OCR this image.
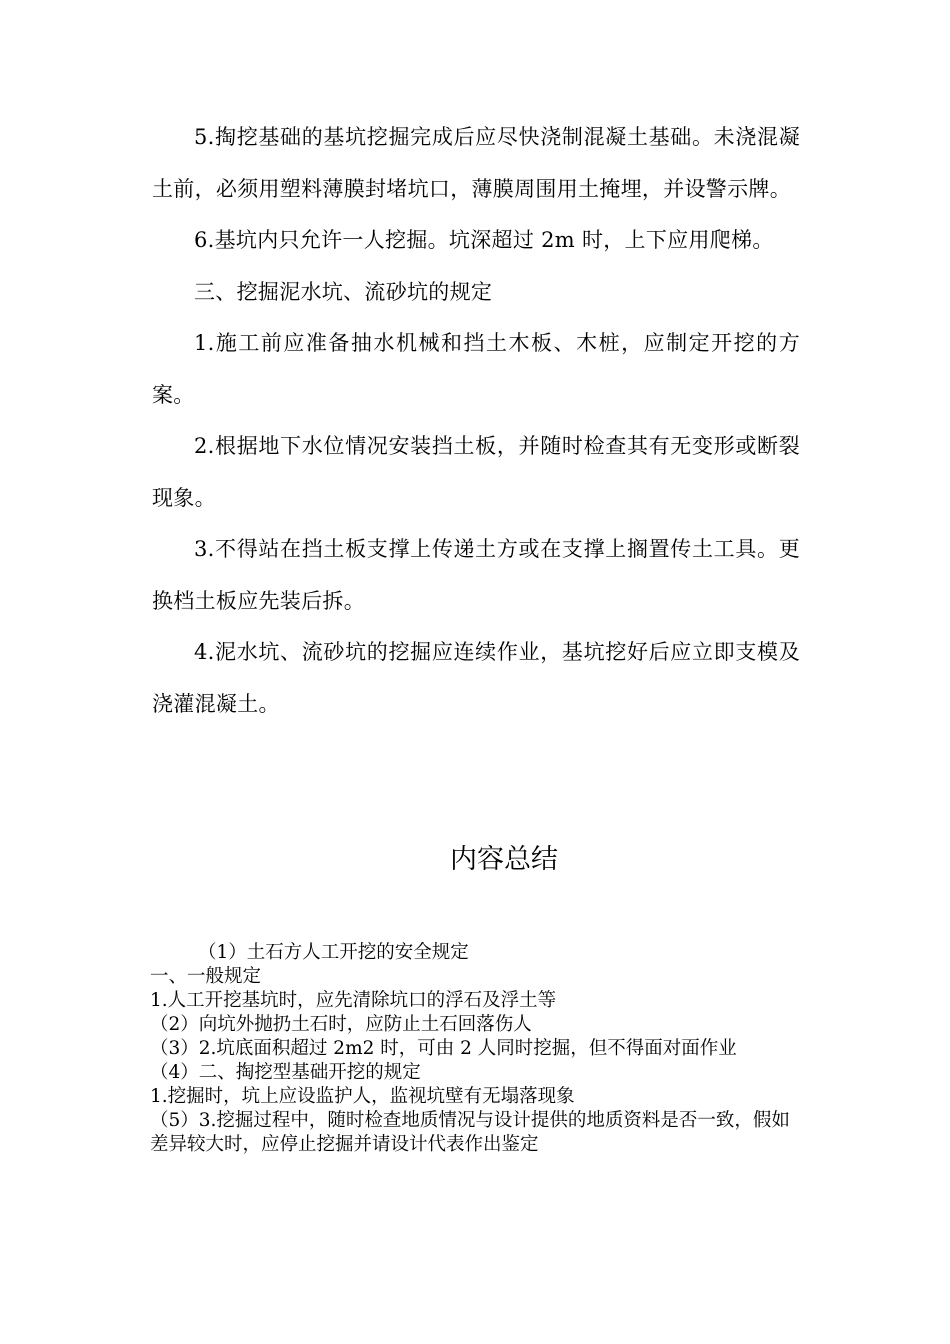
5.掏挖基础的基坑挖掘完成后应尽快浇制混凝土基础。未浇混凝土前，必须用塑料薄膜封堵坑口，薄膜周围用土掩埋，并设警示牌。

6.基坑内只允许一人挖掘。坑深超过 2m 时，上下应用爬梯。

三、挖掘泥水坑、流砂坑的规定

1.施工前应准备抽水机械和挡土木板、木桩，应制定开挖的方案。

2.根据地下水位情况安装挡土板，并随时检查其有无变形或断裂现象。

3.不得站在挡土板支撑上传递土方或在支撑上搁置传土工具。更换档土板应先装后拆。

4.泥水坑、流砂坑的挖掘应连续作业，基坑挖好后应立即支模及浇灌混凝土。

内容总结
（1）土石方人工开挖的安全规定
一、一般规定
1.人工开挖基坑时，应先清除坑口的浮石及浮土等
（2）向坑外抛扔土石时，应防止土石回落伤人
（3）2.坑底面积超过 2m2 时，可由 2 人同时挖掘，但不得面对面作业
（4）二、掏挖型基础开挖的规定
1.挖掘时，坑上应设监护人，监视坑壁有无塌落现象
（5）3.挖掘过程中，随时检查地质情况与设计提供的地质资料是否一致，假如差异较大时，应停止挖掘并请设计代表作出鉴定
